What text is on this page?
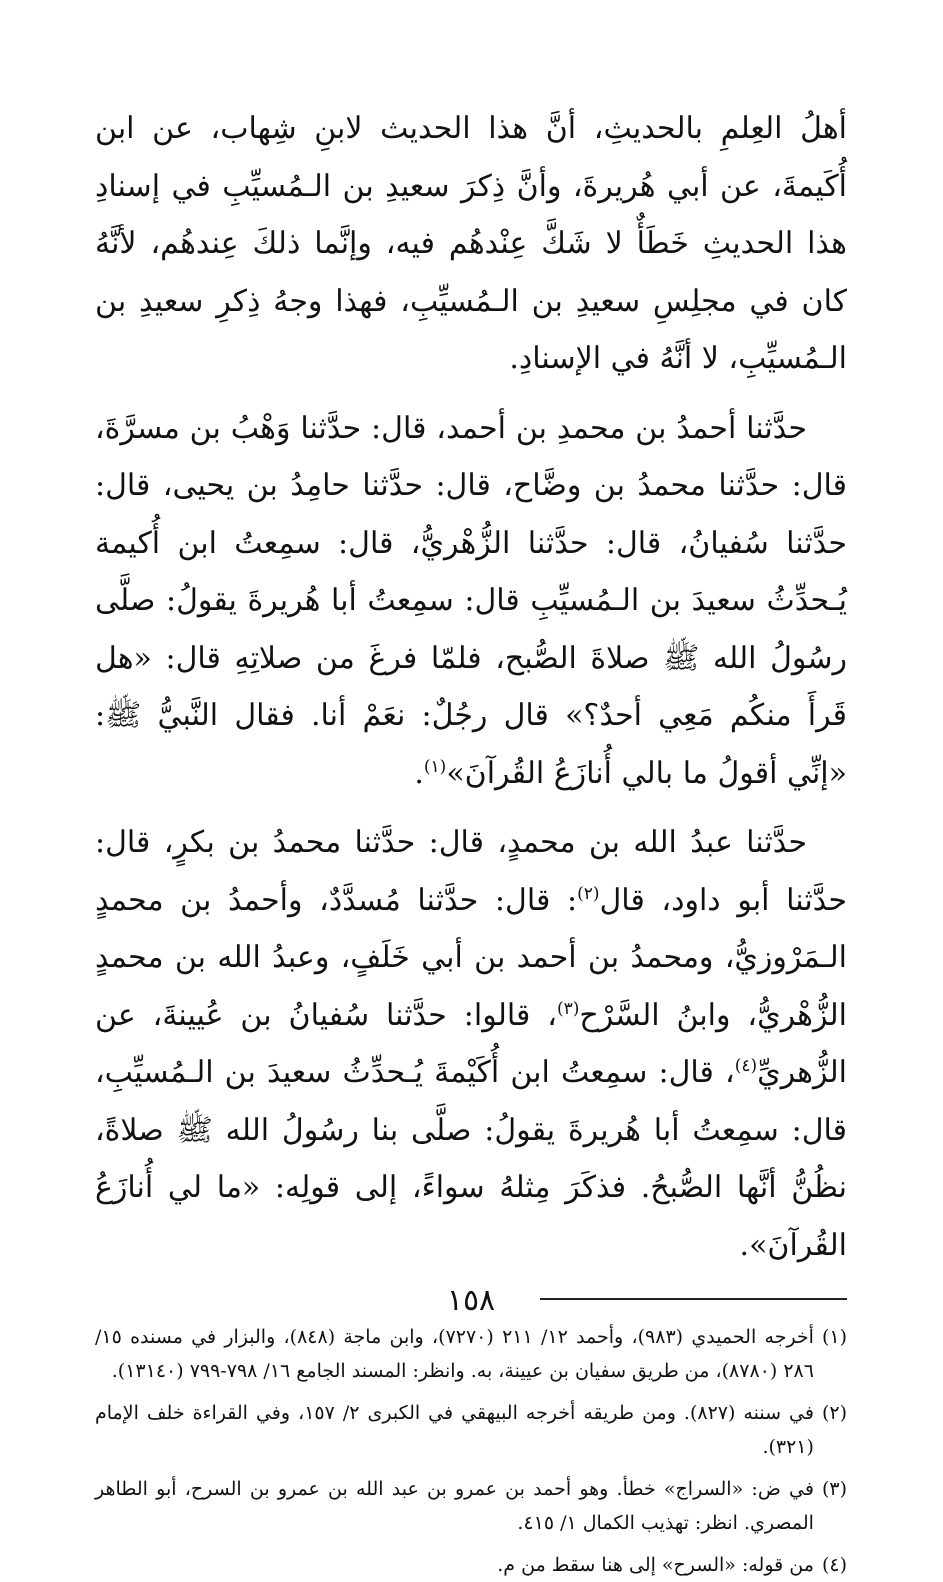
أهلُ العِلمِ بالحديثِ، أنَّ هذا الحديث لابنِ شِهاب، عن ابن أُكَيمةَ، عن أبي هُريرةَ، وأنَّ ذِكرَ سعيدِ بن الـمُسيِّبِ في إسنادِ هذا الحديثِ خَطَأٌ لا شَكَّ عِنْدهُم فيه، وإنَّما ذلكَ عِندهُم، لأنَّهُ كان في مجلِسِ سعيدِ بن الـمُسيِّبِ، فهذا وجهُ ذِكرِ سعيدِ بن الـمُسيِّبِ، لا أنَّهُ في الإسنادِ.

حدَّثنا أحمدُ بن محمدِ بن أحمد، قال: حدَّثنا وَهْبُ بن مسرَّةَ، قال: حدَّثنا محمدُ بن وضَّاح، قال: حدَّثنا حامِدُ بن يحيى، قال: حدَّثنا سُفيانُ، قال: حدَّثنا الزُّهْريُّ، قال: سمِعتُ ابن أُكيمة يُـحدِّثُ سعيدَ بن الـمُسيِّبِ قال: سمِعتُ أبا هُريرةَ يقولُ: صلَّى رسُولُ الله ﷺ صلاةَ الصُّبح، فلمّا فرغَ من صلاتِهِ قال: «هل قَرأَ منكُم مَعِي أحدٌ؟» قال رجُلٌ: نعَمْ أنا. فقال النَّبيُّ ﷺ: «إنِّي أقولُ ما بالي أُنازَعُ القُرآنَ»$^{(١)}$.

حدَّثنا عبدُ الله بن محمدٍ، قال: حدَّثنا محمدُ بن بكرٍ، قال: حدَّثنا أبو داود، قال$^{(٢)}$: قال: حدَّثنا مُسدَّدٌ، وأحمدُ بن محمدٍ الـمَرْوزيُّ، ومحمدُ بن أحمد بن أبي خَلَفٍ، وعبدُ الله بن محمدٍ الزُّهْريُّ، وابنُ السَّرْح$^{(٣)}$، قالوا: حدَّثنا سُفيانُ بن عُيينةَ، عن الزُّهريِّ$^{(٤)}$، قال: سمِعتُ ابن أُكَيْمةَ يُـحدِّثُ سعيدَ بن الـمُسيِّبِ، قال: سمِعتُ أبا هُريرةَ يقولُ: صلَّى بنا رسُولُ الله ﷺ صلاةً، نظُنُّ أنَّها الصُّبحُ. فذكَرَ مِثلهُ سواءً، إلى قولِه: «ما لي أُنازَعُ القُرآنَ».

(١)
أخرجه الحميدي (٩٨٣)، وأحمد ١٢/ ٢١١ (٧٢٧٠)، وابن ماجة (٨٤٨)، والبزار في مسنده ١٥/ ٢٨٦ (٨٧٨٠)، من طريق سفيان بن عيينة، به. وانظر: المسند الجامع ١٦/ ٧٩٨-٧٩٩ (١٣١٤٠).
(٢)
في سننه (٨٢٧). ومن طريقه أخرجه البيهقي في الكبرى ٢/ ١٥٧، وفي القراءة خلف الإمام (٣٢١).
(٣)
في ض: «السراج» خطأ. وهو أحمد بن عمرو بن عبد الله بن عمرو بن السرح، أبو الطاهر المصري. انظر: تهذيب الكمال ١/ ٤١٥.
(٤)
من قوله: «السرح» إلى هنا سقط من م.
١٥٨
